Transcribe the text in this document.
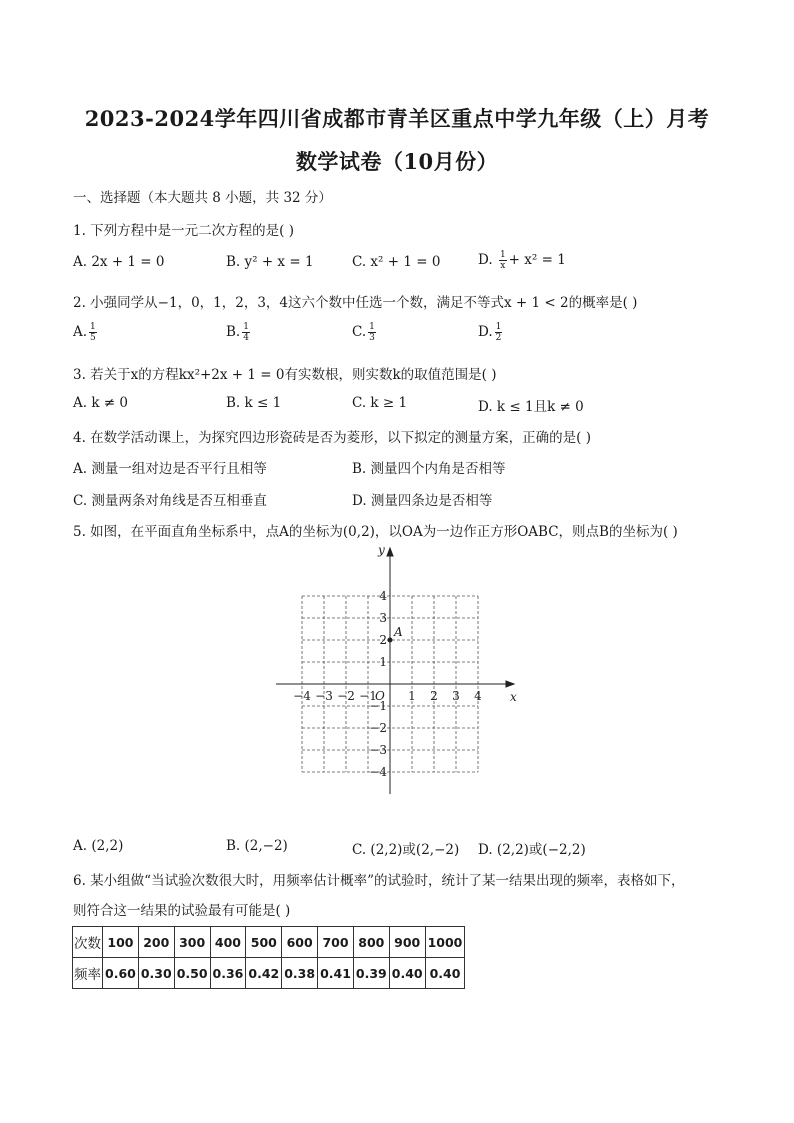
2023-2024学年四川省成都市青羊区重点中学九年级（上）月考
数学试卷（10月份）
一、选择题（本大题共 8 小题，共 32 分）
1. 下列方程中是一元二次方程的是( )
A. 2x + 1 = 0	B. y² + x = 1	C. x² + 1 = 0	D. $\frac{1}{x} + x^2 = 1$
2. 小强同学从−1，0，1，2，3，4这六个数中任选一个数，满足不等式x + 1 < 2的概率是( )
A. $\frac{1}{5}$	B. $\frac{1}{4}$	C. $\frac{1}{3}$	D. $\frac{1}{2}$
3. 若关于x的方程kx²+2x + 1 = 0有实数根，则实数k的取值范围是( )
A. k ≠ 0	B. k ≤ 1	C. k ≥ 1	D. k ≤ 1且k ≠ 0
4. 在数学活动课上，为探究四边形瓷砖是否为菱形，以下拟定的测量方案，正确的是( )
A. 测量一组对边是否平行且相等	B. 测量四个内角是否相等
C. 测量两条对角线是否互相垂直	D. 测量四条边是否相等
5. 如图，在平面直角坐标系中，点A的坐标为(0,2)，以OA为一边作正方形OABC，则点B的坐标为( )
−4 −3 −2 −1	1 2 3 4
4
3
2
1
−1
−2
−3
−4
x
y
O
A
A. (2,2)	B. (2,−2)	C. (2,2)或(2,−2) D. (2,2)或(−2,2)
6. 某小组做“当试验次数很大时，用频率估计概率”的试验时，统计了某一结果出现的频率，表格如下，
则符合这一结果的试验最有可能是( )
次数	100	200	300	400	500	600	700	800	900	1000
频率	0.60	0.30	0.50	0.36	0.42	0.38	0.41	0.39	0.40	0.40
